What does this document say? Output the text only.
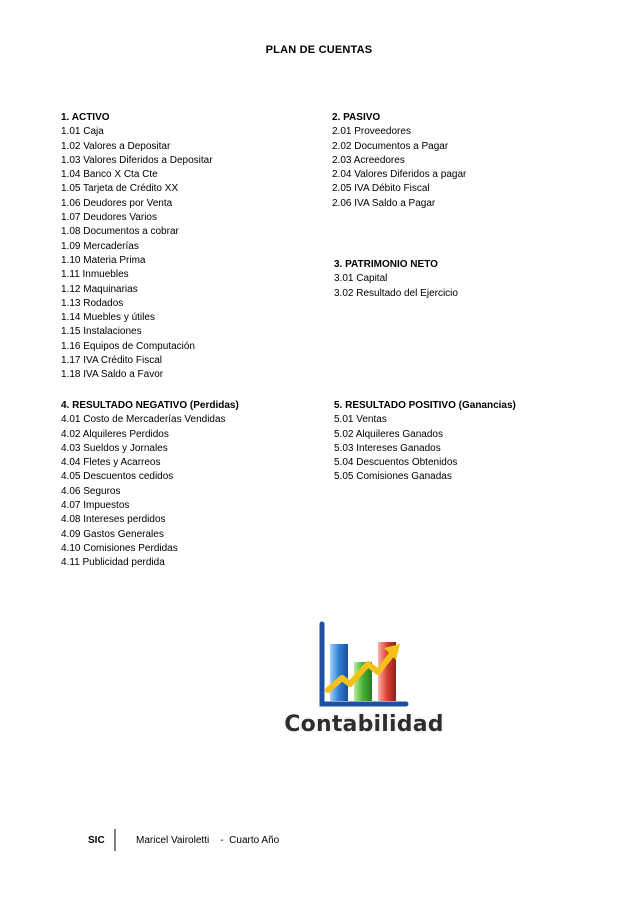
PLAN DE CUENTAS
1. ACTIVO
1.01 Caja
1.02 Valores a Depositar
1.03 Valores Diferidos a Depositar
1.04 Banco X Cta Cte
1.05 Tarjeta de Crédito XX
1.06 Deudores por Venta
1.07 Deudores Varios
1.08 Documentos a cobrar
1.09 Mercaderías
1.10 Materia Prima
1.11 Inmuebles
1.12 Maquinarias
1.13 Rodados
1.14 Muebles y útiles
1.15 Instalaciones
1.16 Equipos de Computación
1.17 IVA Crédito Fiscal
1.18 IVA Saldo a Favor
2. PASIVO
2.01 Proveedores
2.02 Documentos a Pagar
2.03 Acreedores
2.04 Valores Diferidos a pagar
2.05 IVA Débito Fiscal
2.06 IVA Saldo a Pagar
3. PATRIMONIO NETO
3.01 Capital
3.02 Resultado del Ejercicio
4. RESULTADO NEGATIVO (Perdidas)
4.01 Costo de Mercaderías Vendidas
4.02 Alquileres Perdidos
4.03 Sueldos y Jornales
4.04 Fletes y Acarreos
4.05 Descuentos cedidos
4.06 Seguros
4.07 Impuestos
4.08 Intereses perdidos
4.09 Gastos Generales
4.10 Comisiones Perdidas
4.11 Publicidad perdida
5. RESULTADO POSITIVO (Ganancias)
5.01 Ventas
5.02 Alquileres Ganados
5.03 Intereses Ganados
5.04 Descuentos Obtenidos
5.05 Comisiones Ganadas
Contabilidad
SIC	Maricel Vairoletti    -  Cuarto Año
